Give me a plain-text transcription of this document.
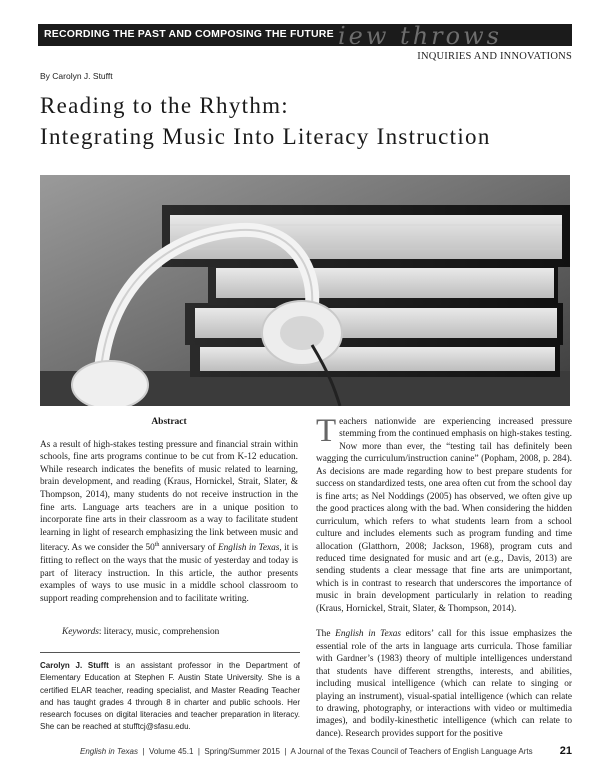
RECORDING THE PAST AND COMPOSING THE FUTURE iew throws
INQUIRIES AND INNOVATIONS
By Carolyn J. Stufft
Reading to the Rhythm:
Integrating Music Into Literacy Instruction
Abstract

As a result of high-stakes testing pressure and financial strain within schools, fine arts programs continue to be cut from K-12 education. While research indicates the benefits of music related to learning, brain development, and reading (Kraus, Hornickel, Strait, Slater, & Thompson, 2014), many students do not receive instruction in the fine arts. Language arts teachers are in a unique position to incorporate fine arts in their classroom as a way to facilitate student learning in light of research emphasizing the link between music and literacy. As we consider the 50th anniversary of English in Texas, it is fitting to reflect on the ways that the music of yesterday and today is part of literacy instruction. In this article, the author presents examples of ways to use music in a middle school classroom to support reading comprehension and to facilitate writing.

Keywords: literacy, music, comprehension

Carolyn J. Stufft is an assistant professor in the Department of Elementary Education at Stephen F. Austin State University. She is a certified ELAR teacher, reading specialist, and Master Reading Teacher and has taught grades 4 through 8 in charter and public schools. Her research focuses on digital literacies and teacher preparation in literacy. She can be reached at stufftcj@sfasu.edu.

Teachers nationwide are experiencing increased pressure stemming from the continued emphasis on high-stakes testing. Now more than ever, the “testing tail has definitely been wagging the curriculum/instruction canine” (Popham, 2008, p. 284). As decisions are made regarding how to best prepare students for success on standardized tests, one area often cut from the school day is fine arts; as Nel Noddings (2005) has observed, we often give up the good practices along with the bad. When considering the hidden curriculum, which refers to what students learn from a school culture and includes elements such as program funding and time allocation (Glatthorn, 2008; Jackson, 1968), program cuts and reduced time designated for music and art (e.g., Davis, 2013) are sending students a clear message that fine arts are unimportant, which is in contrast to research that underscores the importance of music in brain development particularly in relation to reading (Kraus, Hornickel, Strait, Slater, & Thompson, 2014).

The English in Texas editors’ call for this issue emphasizes the essential role of the arts in language arts curricula. Those familiar with Gardner’s (1983) theory of multiple intelligences understand that students have different strengths, interests, and abilities, including musical intelligence (which can relate to singing or playing an instrument), visual-spatial intelligence (which can relate to drawing, photography, or interactions with video or multimedia images), and bodily-kinesthetic intelligence (which can relate to dance). Research provides support for the positive

English in Texas  |  Volume 45.1  |  Spring/Summer 2015  |  A Journal of the Texas Council of Teachers of English Language Arts 21
